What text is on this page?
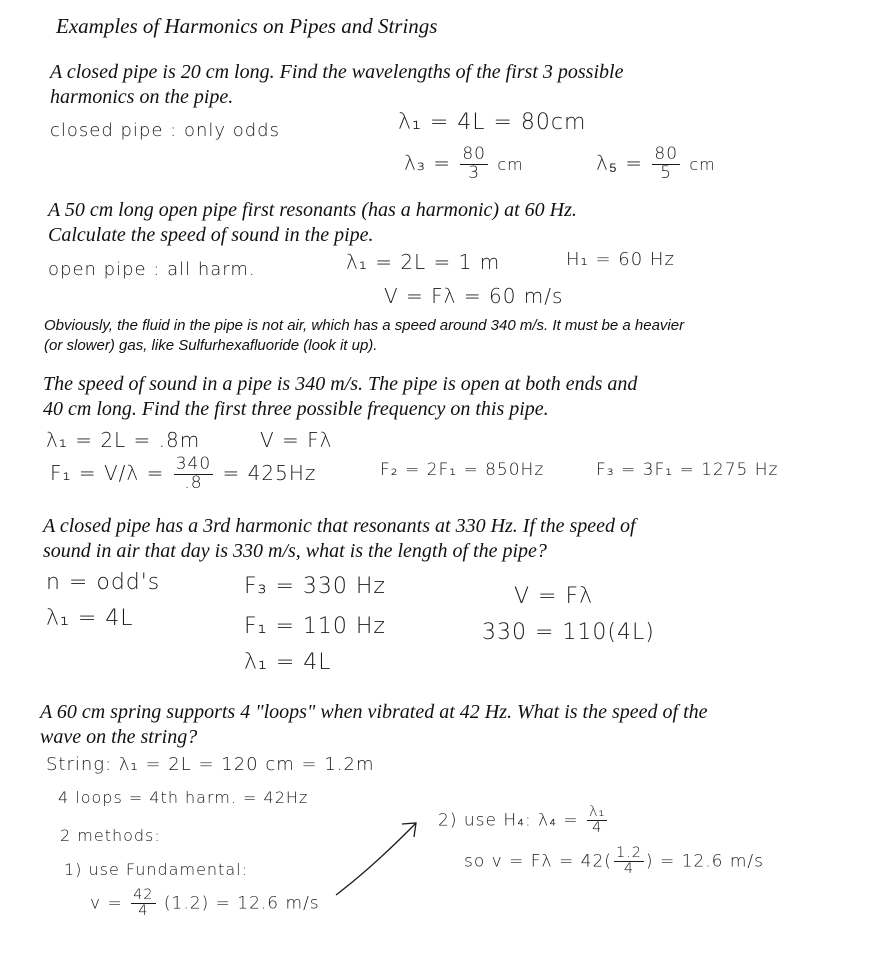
Examples of Harmonics on Pipes and Strings
A closed pipe is 20 cm long. Find the wavelengths of the first 3 possible
harmonics on the pipe.
closed pipe : only odds	λ₁ = 4L = 80cm
$\lambda_3 = \frac{80}{3}$ cm	$\lambda_5 = \frac{80}{5}$ cm
A 50 cm long open pipe first resonants (has a harmonic) at 60 Hz.
Calculate the speed of sound in the pipe.
open pipe : all harm.	λ₁ = 2L = 1 m	H₁ = 60 Hz
V = Fλ = 60 m/s
Obviously, the fluid in the pipe is not air, which has a speed around 340 m/s. It must be a heavier
(or slower) gas, like Sulfurhexafluoride (look it up).
The speed of sound in a pipe is 340 m/s. The pipe is open at both ends and
40 cm long. Find the first three possible frequency on this pipe.
λ₁ = 2L = .8m	V = Fλ
$F_1 = V/\lambda = \frac{340}{.8} = 425Hz$	F₂ = 2F₁ = 850Hz	F₃ = 3F₁ = 1275 Hz
A closed pipe has a 3rd harmonic that resonants at 330 Hz. If the speed of
sound in air that day is 330 m/s, what is the length of the pipe?
n = odd's
λ₁ = 4L
F₃ = 330 Hz
F₁ = 110 Hz
λ₁ = 4L
V = Fλ
330 = 110(4L)
A 60 cm spring supports 4 "loops" when vibrated at 42 Hz. What is the speed of the
wave on the string?
String: λ₁ = 2L = 120 cm = 1.2m
4 loops = 4th harm. = 42Hz
2 methods:
1) use Fundamental:
$v = \frac{42}{4} (1.2) = 12.6$ m/s
2) use H₄: $\lambda_4 = \frac{\text{λ₁}}{4}$
so $v = F\lambda = 42( \frac{1.2}{4}$ ) = 12.6 m/s
